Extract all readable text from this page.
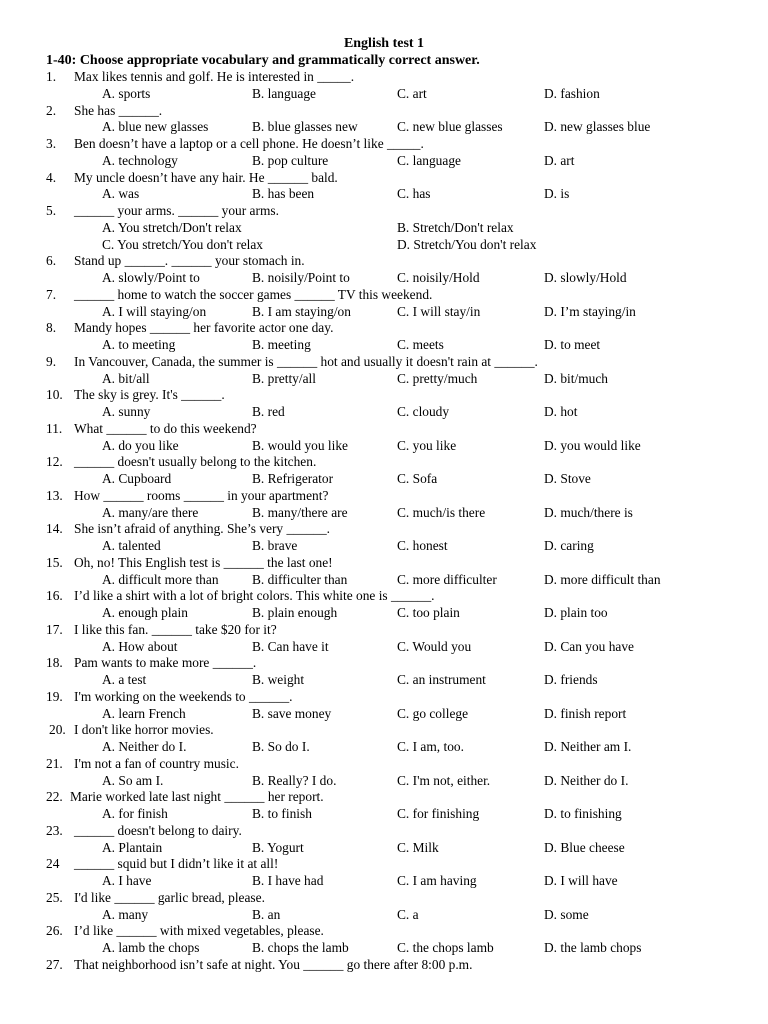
English test 1
1-40: Choose appropriate vocabulary and grammatically correct answer.
1. Max likes tennis and golf. He is interested in _____.
A. sports	B. language	C. art	D. fashion
2. She has ______.
A. blue new glasses	B. blue glasses new	C. new blue glasses	D. new glasses blue
3. Ben doesn’t have a laptop or a cell phone. He doesn’t like _____.
A. technology	B. pop culture	C. language	D. art
4. My uncle doesn’t have any hair. He ______ bald.
A. was	B. has been	C. has	D. is
5. ______ your arms. ______ your arms.
A. You stretch/Don't relax	B. Stretch/Don't relax
C. You stretch/You don't relax	D. Stretch/You don't relax
6. Stand up ______. ______ your stomach in.
A. slowly/Point to	B. noisily/Point to	C. noisily/Hold	D. slowly/Hold
7. ______ home to watch the soccer games ______ TV this weekend.
A. I will staying/on	B. I am staying/on	C. I will stay/in	D. I’m staying/in
8. Mandy hopes ______ her favorite actor one day.
A. to meeting	B. meeting	C. meets	D. to meet
9. In Vancouver, Canada, the summer is ______ hot and usually it doesn't rain at ______.
A. bit/all	B. pretty/all	C. pretty/much	D. bit/much
10. The sky is grey. It's ______.
A. sunny	B. red	C. cloudy	D. hot
11. What ______ to do this weekend?
A. do you like	B. would you like	C. you like	D. you would like
12. ______ doesn't usually belong to the kitchen.
A. Cupboard	B. Refrigerator	C. Sofa	D. Stove
13. How ______ rooms ______ in your apartment?
A. many/are there	B. many/there are	C. much/is there	D. much/there is
14. She isn’t afraid of anything. She’s very ______.
A. talented	B. brave	C. honest	D. caring
15. Oh, no! This English test is ______ the last one!
A. difficult more than B. difficulter than	C. more difficulter	D. more difficult than
16. I’d like a shirt with a lot of bright colors. This white one is ______.
A. enough plain	B. plain enough	C. too plain	D. plain too
17. I like this fan. ______ take $20 for it?
A. How about	B. Can have it	C. Would you	D. Can you have
18. Pam wants to make more ______.
A. a test	B. weight	C. an instrument	D. friends
19. I'm working on the weekends to ______.
A. learn French	B. save money	C. go college	D. finish report
20. I don't like horror movies.
A. Neither do I.	B. So do I.	C. I am, too.	D. Neither am I.
21. I'm not a fan of country music.
A. So am I.	B. Really? I do.	C. I'm not, either.	D. Neither do I.
22. Marie worked late last night ______ her report.
A. for finish	B. to finish	C. for finishing	D. to finishing
23. ______ doesn't belong to dairy.
A. Plantain	B. Yogurt	C. Milk	D. Blue cheese
24 ______ squid but I didn’t like it at all!
A. I have	B. I have had	C. I am having	D. I will have
25. I'd like ______ garlic bread, please.
A. many	B. an	C. a	D. some
26. I’d like ______ with mixed vegetables, please.
A. lamb the chops	B. chops the lamb	C. the chops lamb	D. the lamb chops
27. That neighborhood isn’t safe at night. You ______ go there after 8:00 p.m.
